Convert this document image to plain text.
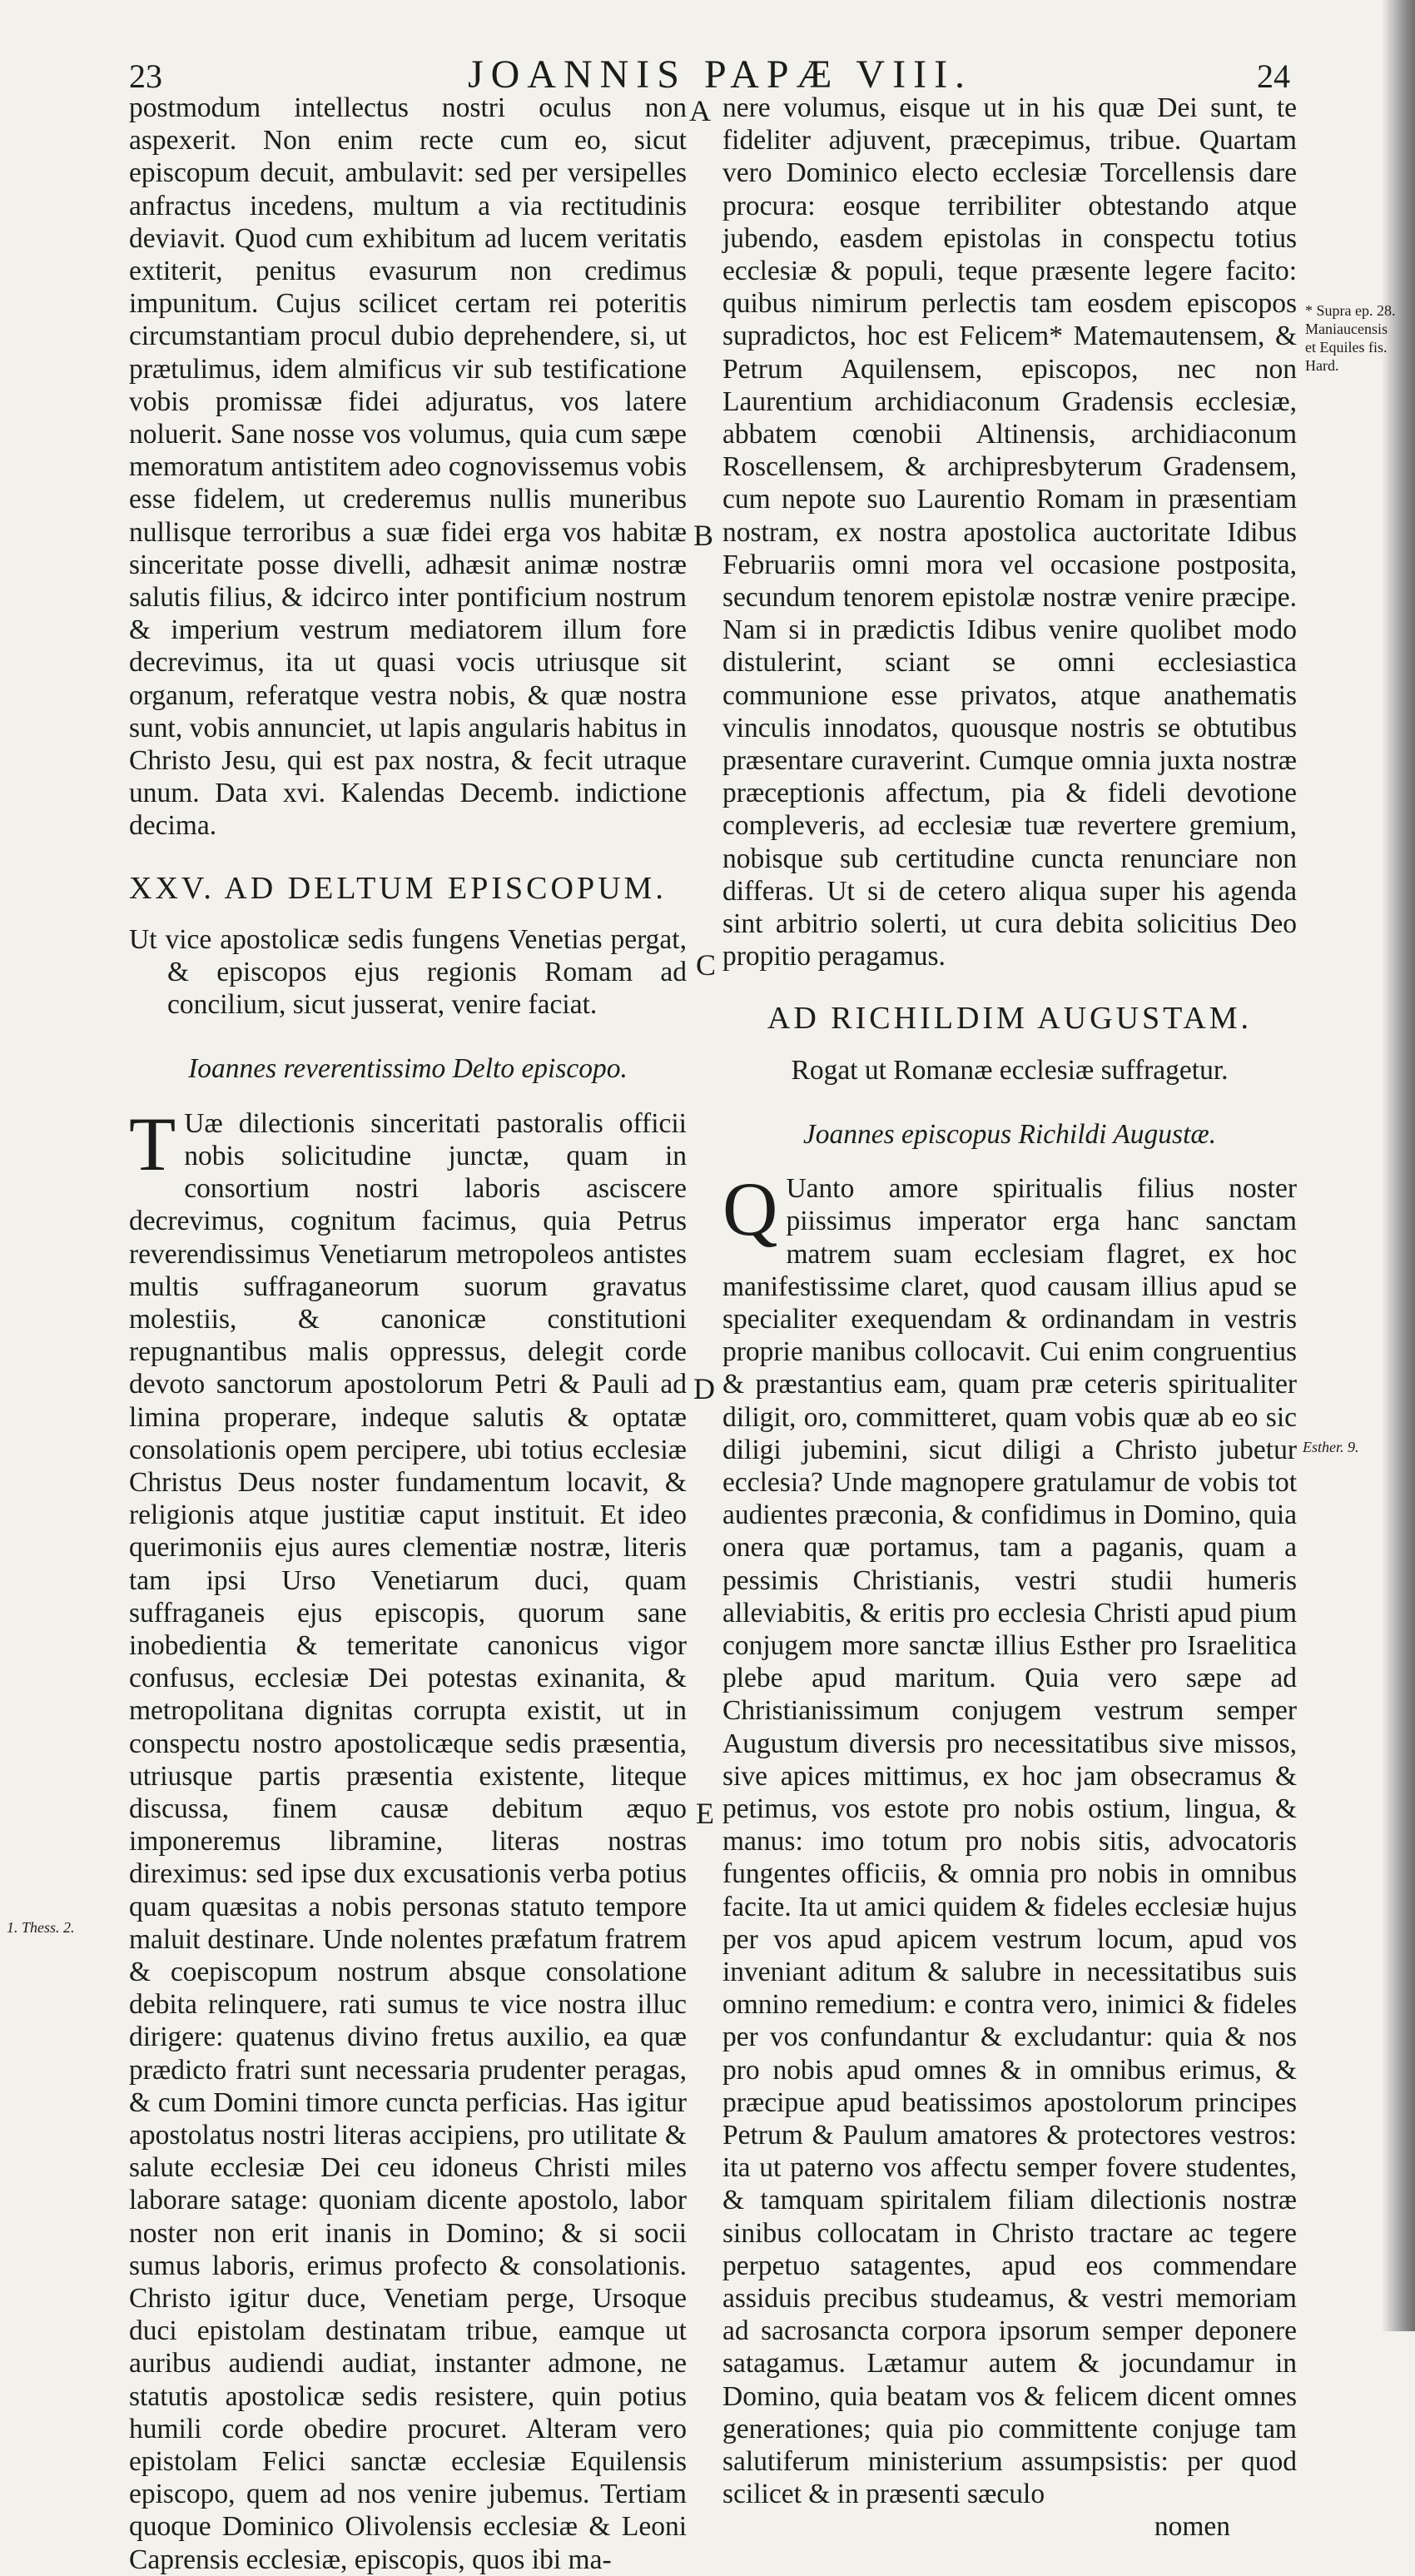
23	JOANNIS PAPÆ VIII.	24

postmodum intellectus nostri oculus non aspexerit. Non enim recte cum eo, sicut episcopum decuit, ambulavit: sed per versipelles anfractus incedens, multum a via rectitudinis deviavit. Quod cum exhibitum ad lucem veritatis extiterit, penitus evasurum non credimus impunitum. Cujus scilicet certam rei poteritis circumstantiam procul dubio deprehendere, si, ut prætulimus, idem almificus vir sub testificatione vobis promissæ fidei adjuratus, vos latere noluerit. Sane nosse vos volumus, quia cum sæpe memoratum antistitem adeo cognovissemus vobis esse fidelem, ut crederemus nullis muneribus nullisque terroribus a suæ fidei erga vos habitæ sinceritate posse divelli, adhæsit animæ nostræ salutis filius, & idcirco inter pontificium nostrum & imperium vestrum mediatorem illum fore decrevimus, ita ut quasi vocis utriusque sit organum, referatque vestra nobis, & quæ nostra sunt, vobis annunciet, ut lapis angularis habitus in Christo Jesu, qui est pax nostra, & fecit utraque unum. Data xvi. Kalendas Decemb. indictione decima.

XXV. AD DELTUM EPISCOPUM.

Ut vice apostolicæ sedis fungens Venetias pergat, & episcopos ejus regionis Romam ad concilium, sicut jusserat, venire faciat.

Ioannes reverentissimo Delto episcopo.

T Uæ dilectionis sinceritati pastoralis officii nobis solicitudine junctæ, quam in consortium nostri laboris asciscere decrevimus, cognitum facimus, quia Petrus reverendissimus Venetiarum metropoleos antistes multis suffraganeorum suorum gravatus molestiis, & canonicæ constitutioni repugnantibus malis oppressus, delegit corde devoto sanctorum apostolorum Petri & Pauli ad limina properare, indeque salutis & optatæ consolationis opem percipere, ubi totius ecclesiæ Christus Deus noster fundamentum locavit, & religionis atque justitiæ caput instituit. Et ideo querimoniis ejus aures clementiæ nostræ, literis tam ipsi Urso Venetiarum duci, quam suffraganeis ejus episcopis, quorum sane inobedientia & temeritate canonicus vigor confusus, ecclesiæ Dei potestas exinanita, & metropolitana dignitas corrupta existit, ut in conspectu nostro apostolicæque sedis præsentia, utriusque partis præsentia existente, liteque discussa, finem causæ debitum æquo imponeremus libramine, literas nostras direximus: sed ipse dux excusationis verba potius quam quæsitas a nobis personas statuto tempore maluit destinare. Unde nolentes præfatum fratrem & coepiscopum nostrum absque consolatione debita relinquere, rati sumus te vice nostra illuc dirigere: quatenus divino fretus auxilio, ea quæ prædicto fratri sunt necessaria prudenter peragas, & cum Domini timore cuncta perficias. Has igitur apostolatus nostri literas accipiens, pro utilitate & salute ecclesiæ Dei ceu idoneus Christi miles laborare satage: quoniam dicente apostolo, labor noster non erit inanis in Domino; & si socii sumus laboris, erimus profecto & consolationis. Christo igitur duce, Venetiam perge, Ursoque duci epistolam destinatam tribue, eamque ut auribus audiendi audiat, instanter admone, ne statutis apostolicæ sedis resistere, quin potius humili corde obedire procuret. Alteram vero epistolam Felici sanctæ ecclesiæ Equilensis episcopo, quem ad nos venire jubemus. Tertiam quoque Dominico Olivolensis ecclesiæ & Leoni Caprensis ecclesiæ, episcopis, quos ibi ma-

nere volumus, eisque ut in his quæ Dei sunt, te fideliter adjuvent, præcepimus, tribue. Quartam vero Dominico electo ecclesiæ Torcellensis dare procura: eosque terribiliter obtestando atque jubendo, easdem epistolas in conspectu totius ecclesiæ & populi, teque præsente legere facito: quibus nimirum perlectis tam eosdem episcopos supradictos, hoc est Felicem* Matemautensem, & Petrum Aquilensem, episcopos, nec non Laurentium archidiaconum Gradensis ecclesiæ, abbatem cœnobii Altinensis, archidiaconum Roscellensem, & archipresbyterum Gradensem, cum nepote suo Laurentio Romam in præsentiam nostram, ex nostra apostolica auctoritate Idibus Februariis omni mora vel occasione postposita, secundum tenorem epistolæ nostræ venire præcipe. Nam si in prædictis Idibus venire quolibet modo distulerint, sciant se omni ecclesiastica communione esse privatos, atque anathematis vinculis innodatos, quousque nostris se obtutibus præsentare curaverint. Cumque omnia juxta nostræ præceptionis affectum, pia & fideli devotione compleveris, ad ecclesiæ tuæ revertere gremium, nobisque sub certitudine cuncta renunciare non differas. Ut si de cetero aliqua super his agenda sint arbitrio solerti, ut cura debita solicitius Deo propitio peragamus.

AD RICHILDIM AUGUSTAM.

Rogat ut Romanæ ecclesiæ suffragetur.

Joannes episcopus Richildi Augustæ.

Q Uanto amore spiritualis filius noster piissimus imperator erga hanc sanctam matrem suam ecclesiam flagret, ex hoc manifestissime claret, quod causam illius apud se specialiter exequendam & ordinandam in vestris proprie manibus collocavit. Cui enim congruentius & præstantius eam, quam præ ceteris spiritualiter diligit, oro, committeret, quam vobis quæ ab eo sic diligi jubemini, sicut diligi a Christo jubetur ecclesia? Unde magnopere gratulamur de vobis tot audientes præconia, & confidimus in Domino, quia onera quæ portamus, tam a paganis, quam a pessimis Christianis, vestri studii humeris alleviabitis, & eritis pro ecclesia Christi apud pium conjugem more sanctæ illius Esther pro Israelitica plebe apud maritum. Quia vero sæpe ad Christianissimum conjugem vestrum semper Augustum diversis pro necessitatibus sive missos, sive apices mittimus, ex hoc jam obsecramus & petimus, vos estote pro nobis ostium, lingua, & manus: imo totum pro nobis sitis, advocatoris fungentes officiis, & omnia pro nobis in omnibus facite. Ita ut amici quidem & fideles ecclesiæ hujus per vos apud apicem vestrum locum, apud vos inveniant aditum & salubre in necessitatibus suis omnino remedium: e contra vero, inimici & fideles per vos confundantur & excludantur: quia & nos pro nobis apud omnes & in omnibus erimus, & præcipue apud beatissimos apostolorum principes Petrum & Paulum amatores & protectores vestros: ita ut paterno vos affectu semper fovere studentes, & tamquam spiritalem filiam dilectionis nostræ sinibus collocatam in Christo tractare ac tegere perpetuo satagentes, apud eos commendare assiduis precibus studeamus, & vestri memoriam ad sacrosancta corpora ipsorum semper deponere satagamus. Lætamur autem & jocundamur in Domino, quia beatam vos & felicem dicent omnes generationes; quia pio committente conjuge tam salutiferum ministerium assumpsistis: per quod scilicet & in præsenti sæculo

nomen

A
B
C
D
E
* Supra ep. 28. Maniaucensis et Equiles fis. Hard.
Esther. 9.
1. Thess. 2.
